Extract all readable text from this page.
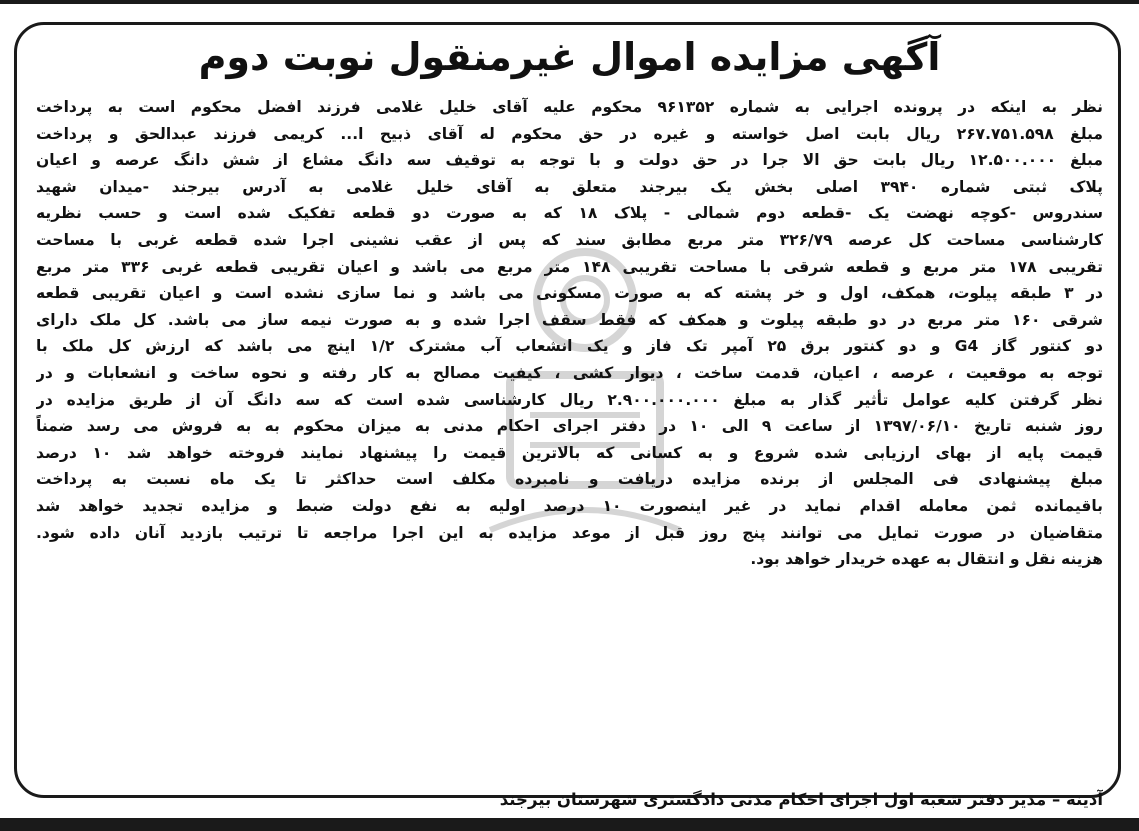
آگهی مزایده اموال غیرمنقول نوبت دوم
نظر به اینکه در پرونده اجرایی به شماره ۹۶۱۳۵۲ محکوم علیه آقای خلیل غلامی فرزند افضل محکوم است به پرداخت
مبلغ ۲۶۷.۷۵۱.۵۹۸ ریال بابت اصل خواسته و غیره در حق محکوم له آقای ذبیح ا... کریمی فرزند عبدالحق و پرداخت
مبلغ ۱۲.۵۰۰.۰۰۰ ریال بابت حق الا جرا در حق دولت و با توجه به توقیف سه دانگ مشاع از شش دانگ عرصه و اعیان
پلاک ثبتی شماره ۳۹۴۰ اصلی بخش یک بیرجند متعلق به آقای خلیل غلامی به آدرس بیرجند -میدان شهید
سندروس -کوچه نهضت یک -قطعه دوم شمالی - پلاک ۱۸ که به صورت دو قطعه تفکیک شده است و حسب نظریه
کارشناسی مساحت کل عرصه ۳۲۶/۷۹ متر مربع مطابق سند که پس از عقب نشینی اجرا شده قطعه غربی با مساحت
تقریبی ۱۷۸ متر مربع و قطعه شرقی با مساحت تقریبی ۱۴۸ متر مربع می باشد و اعیان تقریبی قطعه غربی ۳۳۶ متر مربع
در ۳ طبقه پیلوت، همکف، اول و خر پشته که به صورت مسکونی می باشد و نما سازی نشده است و اعیان تقریبی قطعه
شرقی ۱۶۰ متر مربع در دو طبقه پیلوت و همکف که فقط سقف اجرا شده و به صورت نیمه ساز می باشد. کل ملک دارای
دو کنتور گاز G4 و دو کنتور برق ۲۵ آمپر تک فاز و یک انشعاب آب مشترک ۱/۲ اینچ می باشد که ارزش کل ملک با
توجه به موقعیت ، عرصه ، اعیان، قدمت ساخت ، دیوار کشی ، کیفیت مصالح به کار رفته و نحوه ساخت و انشعابات و در
نظر گرفتن کلیه عوامل تأثیر گذار به مبلغ ۲.۹۰۰.۰۰۰.۰۰۰ ریال کارشناسی شده است که سه دانگ آن از طریق مزایده در
روز شنبه تاریخ ۱۳۹۷/۰۶/۱۰ از ساعت ۹ الی ۱۰ در دفتر اجرای احکام مدنی به میزان محکوم به به فروش می رسد ضمناً
قیمت پایه از بهای ارزیابی شده شروع و به کسانی که بالاترین قیمت را پیشنهاد نمایند فروخته خواهد شد ۱۰ درصد
مبلغ پیشنهادی فی المجلس از برنده مزایده دریافت و نامبرده مکلف است حداکثر تا یک ماه نسبت به پرداخت
باقیمانده ثمن معامله اقدام نماید در غیر اینصورت ۱۰ درصد اولیه به نفع دولت ضبط و مزایده تجدید خواهد شد
متقاضیان در صورت تمایل می توانند پنج روز قبل از موعد مزایده به این اجرا مراجعه تا ترتیب بازدید آنان داده شود.
هزینه نقل و انتقال به عهده خریدار خواهد بود.
آدینه – مدیر دفتر شعبه اول اجرای احکام مدنی دادگستری شهرستان بیرجند
